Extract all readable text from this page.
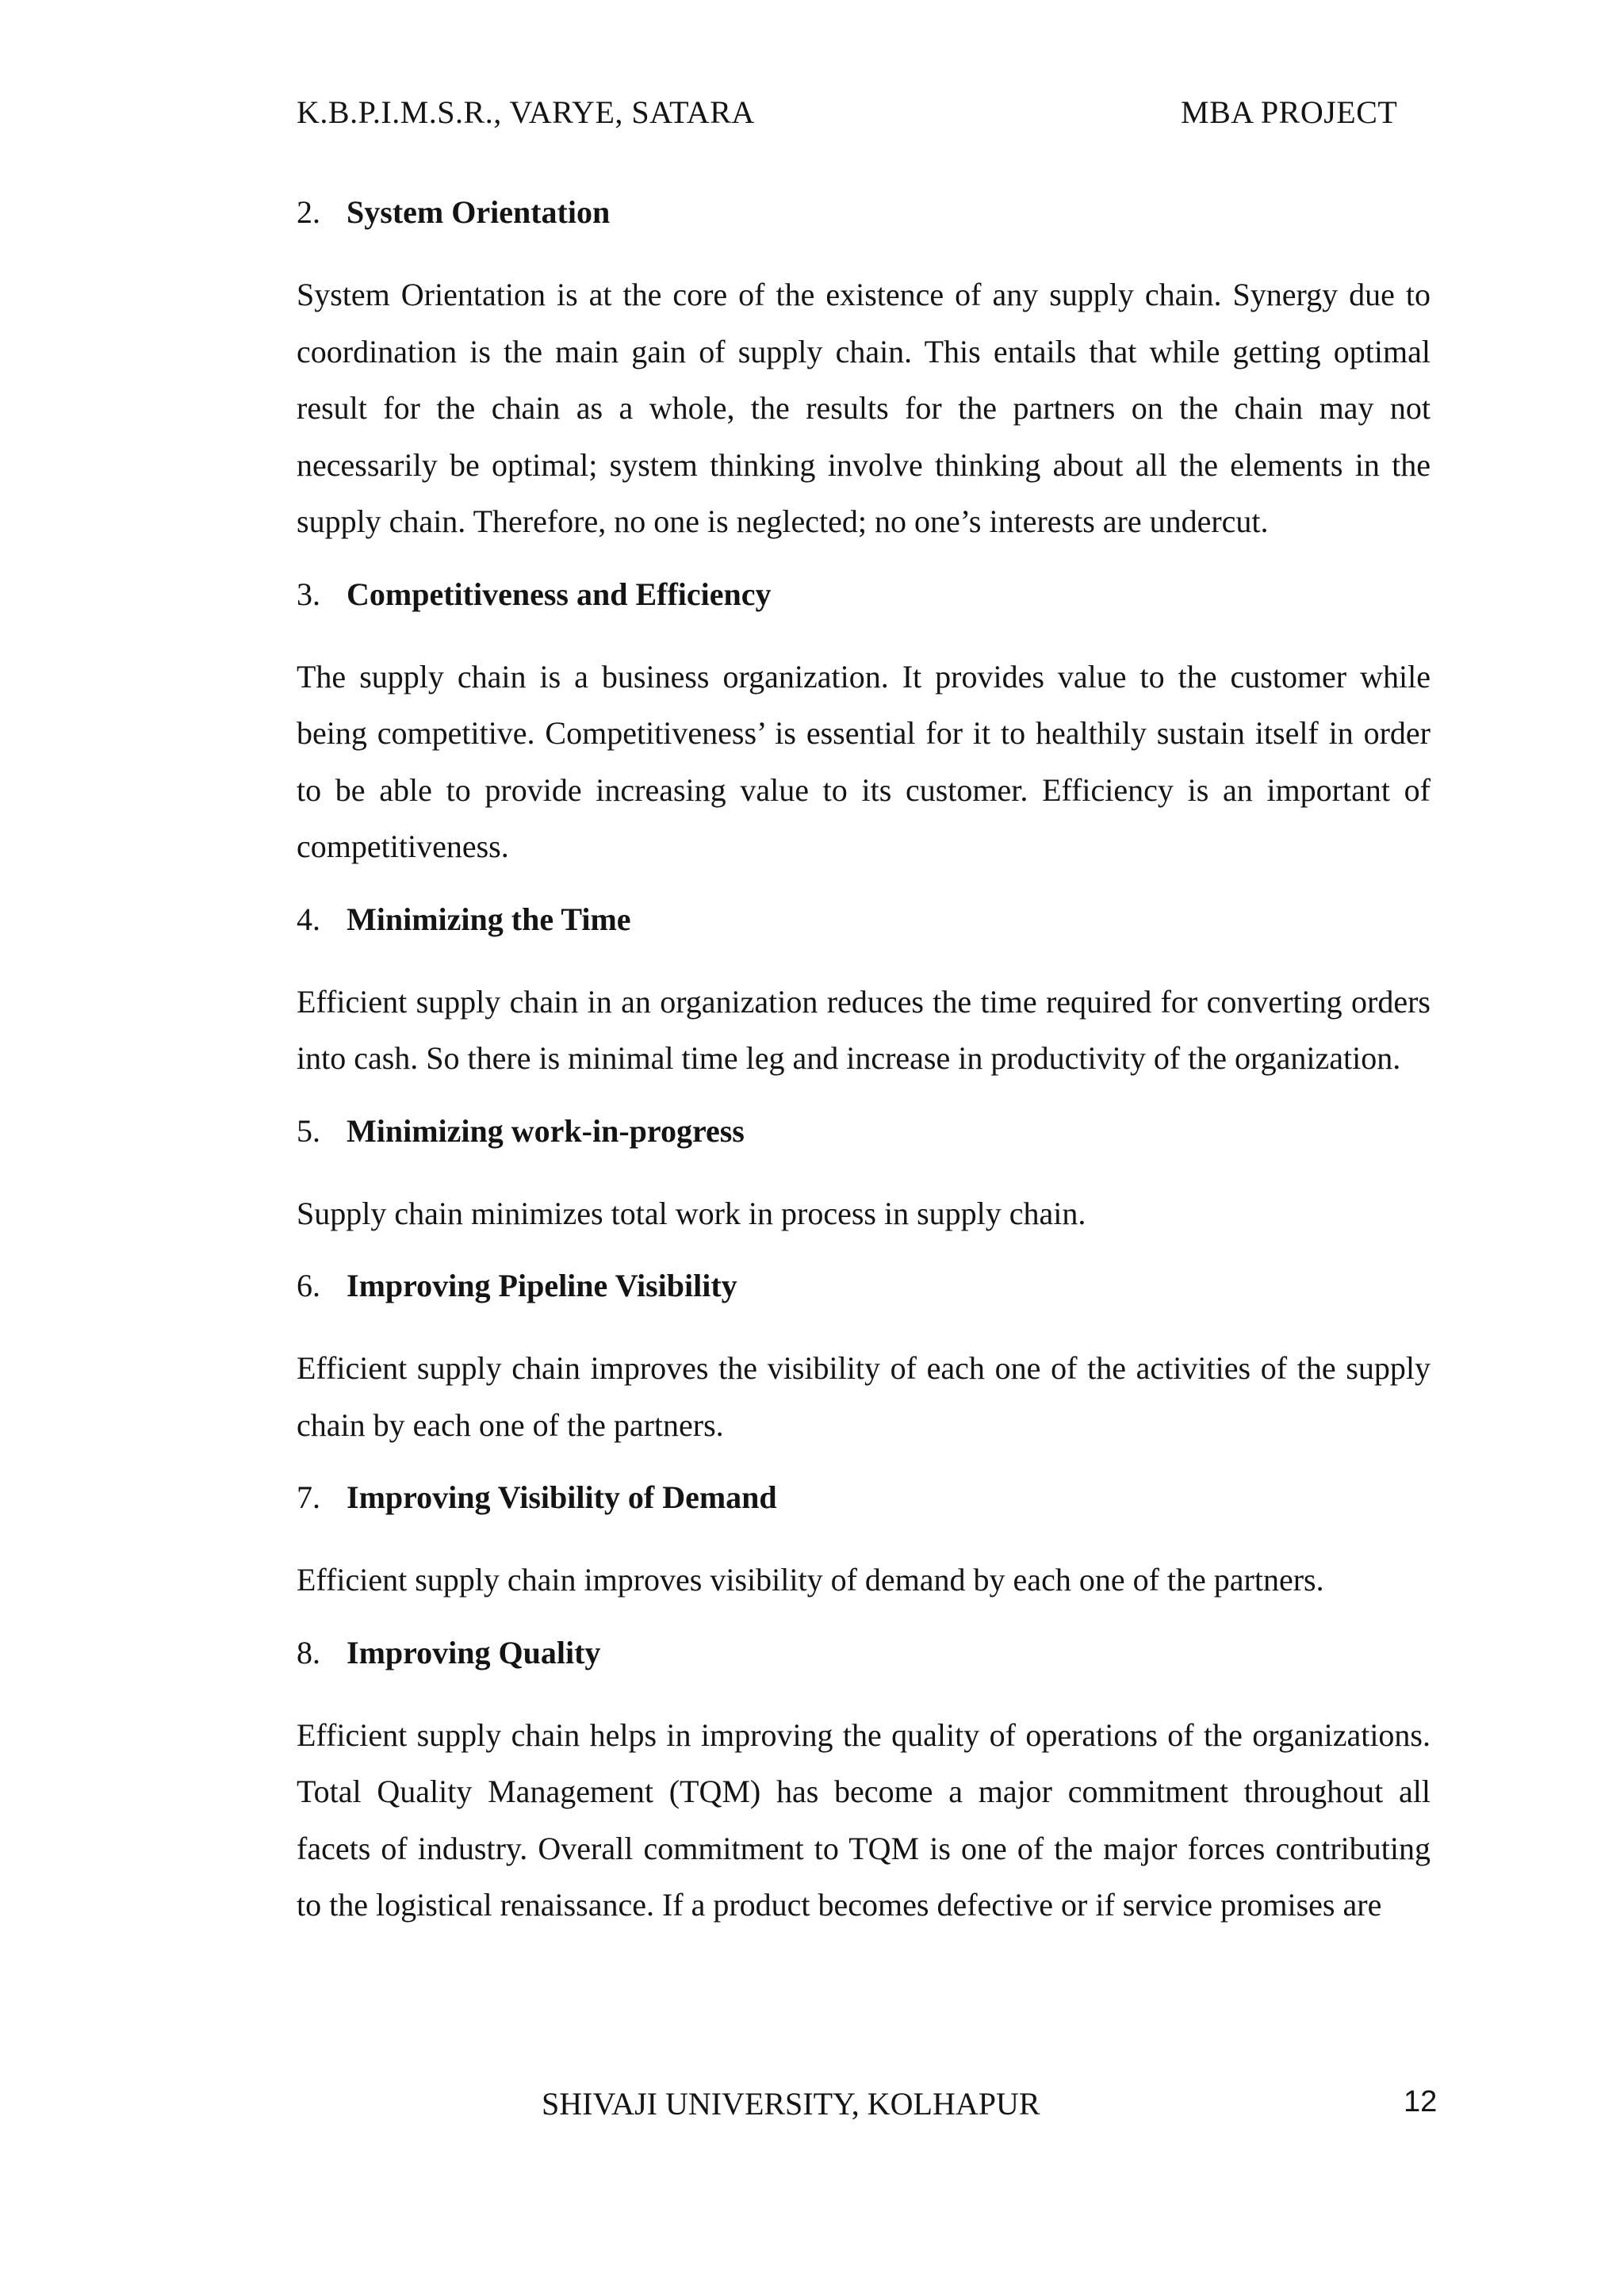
K.B.P.I.M.S.R., VARYE, SATARA	MBA PROJECT
2. System Orientation

System Orientation is at the core of the existence of any supply chain. Synergy due to coordination is the main gain of supply chain. This entails that while getting optimal result for the chain as a whole, the results for the partners on the chain may not necessarily be optimal; system thinking involve thinking about all the elements in the supply chain. Therefore, no one is neglected; no one’s interests are undercut.

3. Competitiveness and Efficiency

The supply chain is a business organization. It provides value to the customer while being competitive. Competitiveness’ is essential for it to healthily sustain itself in order to be able to provide increasing value to its customer. Efficiency is an important of competitiveness.

4. Minimizing the Time

Efficient supply chain in an organization reduces the time required for converting orders into cash. So there is minimal time leg and increase in productivity of the organization.

5. Minimizing work-in-progress

Supply chain minimizes total work in process in supply chain.

6. Improving Pipeline Visibility

Efficient supply chain improves the visibility of each one of the activities of the supply chain by each one of the partners.

7. Improving Visibility of Demand

Efficient supply chain improves visibility of demand by each one of the partners.

8. Improving Quality

Efficient supply chain helps in improving the quality of operations of the organizations. Total Quality Management (TQM) has become a major commitment throughout all facets of industry. Overall commitment to TQM is one of the major forces contributing to the logistical renaissance. If a product becomes defective or if service promises are

SHIVAJI UNIVERSITY, KOLHAPUR	12
